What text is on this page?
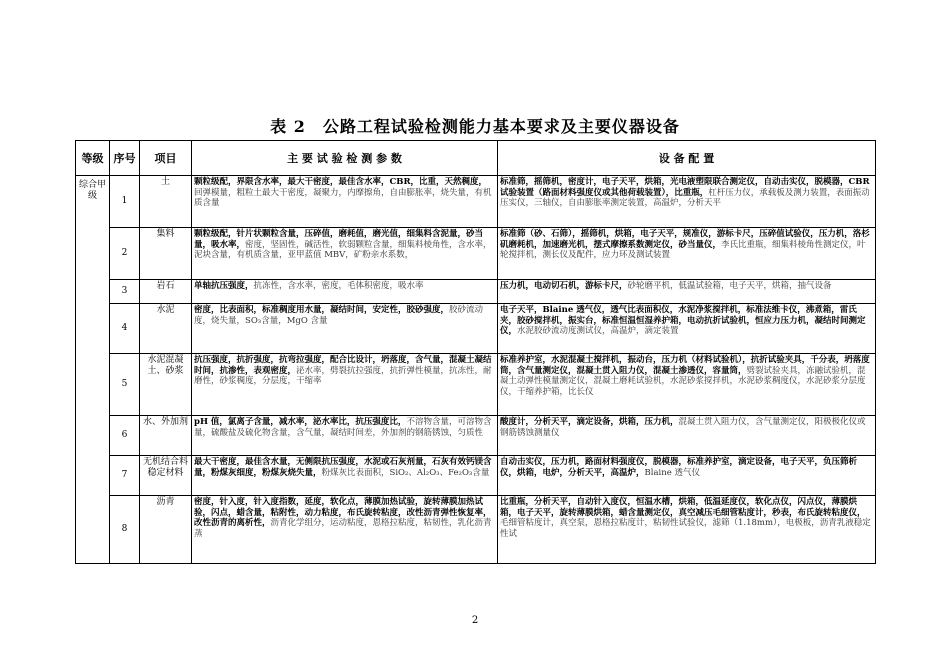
表 2　公路工程试验检测能力基本要求及主要仪器设备
等级	序号	项目	主 要 试 验 检 测 参 数	设 备 配 置
综合甲级	1	土	颗粒级配，界限含水率，最大干密度，最佳含水率，CBR，比重，天然稠度，回弹模量，粗粒土最大干密度，凝聚力，内摩擦角，自由膨胀率，烧失量，有机质含量	标准筛，摇筛机，密度计，电子天平，烘箱，光电液塑限联合测定仪，自动击实仪，脱模器，CBR 试验装置（路面材料强度仪或其他荷载装置），比重瓶，杠杆压力仪，承载板及测力装置，表面振动压实仪，三轴仪，自由膨胀率测定装置，高温炉，分析天平
	2	集料	颗粒级配，针片状颗粒含量，压碎值，磨耗值，磨光值，细集料含泥量，砂当量，吸水率，密度，坚固性，碱活性，软弱颗粒含量，细集料棱角性，含水率，泥块含量，有机质含量，亚甲蓝值 MBV，矿粉亲水系数，	标准筛（砂、石筛），摇筛机，烘箱，电子天平，规准仪，游标卡尺，压碎值试验仪，压力机，洛杉矶磨耗机，加速磨光机，摆式摩擦系数测定仪，砂当量仪，李氏比重瓶，细集料棱角性测定仪，叶轮搅拌机，测长仪及配件，应力环及测试装置
	3	岩石	单轴抗压强度，抗冻性，含水率，密度，毛体积密度，吸水率	压力机，电动切石机，游标卡尺，砂轮磨平机，低温试验箱，电子天平，烘箱，抽气设备
	4	水泥	密度，比表面积，标准稠度用水量，凝结时间，安定性，胶砂强度，胶砂流动度，烧失量，SO₃含量，MgO 含量	电子天平，Blaine 透气仪，透气比表面积仪，水泥净浆搅拌机，标准法维卡仪，沸煮箱，雷氏夹，胶砂搅拌机，振实台，标准恒温恒湿养护箱，电动抗折试验机，恒应力压力机，凝结时间测定仪，水泥胶砂流动度测试仪，高温炉，滴定装置
	5	水泥混凝土、砂浆	抗压强度，抗折强度，抗弯拉强度，配合比设计，坍落度，含气量，混凝土凝结时间，抗渗性，表观密度，泌水率，劈裂抗拉强度，抗折弹性模量，抗冻性，耐磨性，砂浆稠度，分层度，干缩率	标准养护室，水泥混凝土搅拌机，振动台，压力机（材料试验机），抗折试验夹具，千分表，坍落度筒，含气量测定仪，混凝土贯入阻力仪，混凝土渗透仪，容量筒，劈裂试验夹具，冻融试验机，混凝土动弹性模量测定仪，混凝土磨耗试验机，水泥砂浆搅拌机，水泥砂浆稠度仪，水泥砂浆分层度仪，干缩养护箱，比长仪
	6	水、外加剂	pH 值，氯离子含量，减水率，泌水率比，抗压强度比，不溶物含量，可溶物含量，硫酸盐及硫化物含量，含气量，凝结时间差，外加剂的钢筋锈蚀，匀质性	酸度计，分析天平，滴定设备，烘箱，压力机，混凝土贯入阻力仪，含气量测定仪，阳极极化仪或钢筋锈蚀测量仪
	7	无机结合料稳定材料	最大干密度，最佳含水量，无侧限抗压强度，水泥或石灰剂量，石灰有效钙镁含量，粉煤灰细度，粉煤灰烧失量，粉煤灰比表面积，SiO₂、Al₂O₃、Fe₂O₃含量	自动击实仪，压力机，路面材料强度仪，脱模器，标准养护室，滴定设备，电子天平，负压筛析仪，烘箱，电炉，分析天平，高温炉，Blaine 透气仪
	8	沥青	密度，针入度，针入度指数，延度，软化点，薄膜加热试验，旋转薄膜加热试验，闪点，蜡含量，粘附性，动力粘度，布氏旋转粘度，改性沥青弹性恢复率，改性沥青的离析性，沥青化学组分，运动粘度，恩格拉粘度，粘韧性，乳化沥青蒸	比重瓶，分析天平，自动针入度仪，恒温水槽，烘箱，低温延度仪，软化点仪，闪点仪，薄膜烘箱，电子天平，旋转薄膜烘箱，蜡含量测定仪，真空减压毛细管粘度计，秒表，布氏旋转粘度仪，毛细管粘度计，真空泵，恩格拉粘度计，粘韧性试验仪，滤筛（1.18mm），电极板，沥青乳液稳定性试
2
